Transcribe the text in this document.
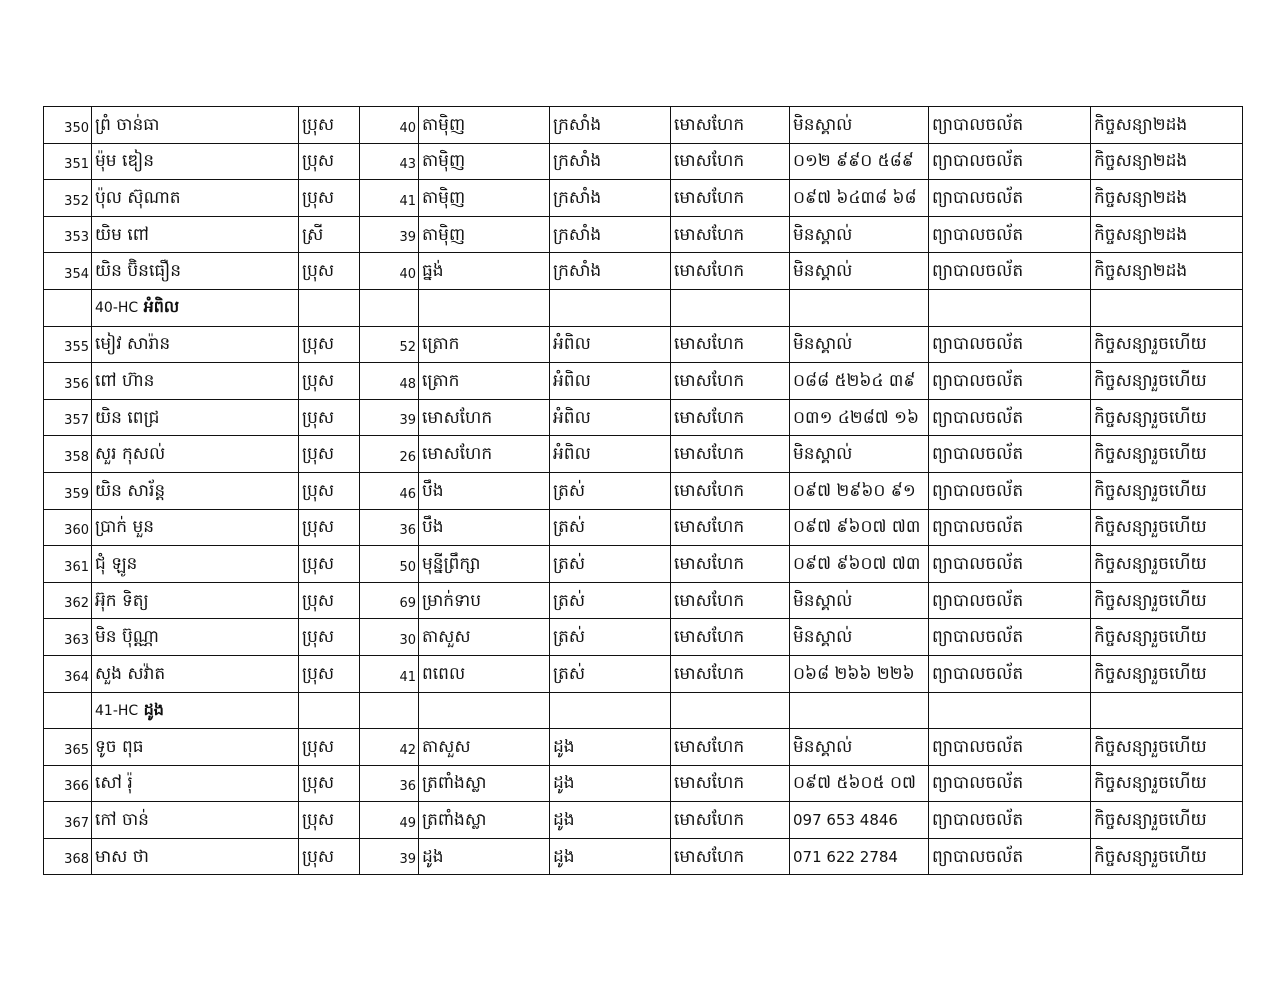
350	ព្រំ ចាន់ធា	ប្រុស	40	តាម៉ិញ	ក្រសាំង	មោសហែក	មិនស្គាល់	ព្យាបាលចល័ត	កិច្ចសន្យា២ដង
351	ម៉ុម ឌៀន	ប្រុស	43	តាម៉ិញ	ក្រសាំង	មោសហែក	០១២ ៩៩០ ៥៨៩	ព្យាបាលចល័ត	កិច្ចសន្យា២ដង
352	ប៉ុល ស៊ុណាត	ប្រុស	41	តាម៉ិញ	ក្រសាំង	មោសហែក	០៩៧ ៦៤៣៨ ៦៨	ព្យាបាលចល័ត	កិច្ចសន្យា២ដង
353	យិម ពៅ	ស្រី	39	តាម៉ិញ	ក្រសាំង	មោសហែក	មិនស្គាល់	ព្យាបាលចល័ត	កិច្ចសន្យា២ដង
354	យិន ប៊ិនធឿន	ប្រុស	40	ធ្នង់	ក្រសាំង	មោសហែក	មិនស្គាល់	ព្យាបាលចល័ត	កិច្ចសន្យា២ដង
	40-HC អំពិល								
355	មៀវ សារ៉ាន	ប្រុស	52	ត្រោក	អំពិល	មោសហែក	មិនស្គាល់	ព្យាបាលចល័ត	កិច្ចសន្យារួចហើយ
356	ពៅ ហ៊ាន	ប្រុស	48	ត្រោក	អំពិល	មោសហែក	០៨៨ ៥២៦៤ ៣៩	ព្យាបាលចល័ត	កិច្ចសន្យារួចហើយ
357	យិន ពេជ្រ	ប្រុស	39	មោសហែក	អំពិល	មោសហែក	០៣១ ៤២៨៧ ១៦	ព្យាបាលចល័ត	កិច្ចសន្យារួចហើយ
358	សួរ កុសល់	ប្រុស	26	មោសហែក	អំពិល	មោសហែក	មិនស្គាល់	ព្យាបាលចល័ត	កិច្ចសន្យារួចហើយ
359	យិន សារ័ន្ត	ប្រុស	46	បឹង	ត្រស់	មោសហែក	០៩៧ ២៩៦០ ៩១	ព្យាបាលចល័ត	កិច្ចសន្យារួចហើយ
360	ប្រាក់ មួន	ប្រុស	36	បឹង	ត្រស់	មោសហែក	០៩៧ ៩៦០៧ ៧៣	ព្យាបាលចល័ត	កិច្ចសន្យារួចហើយ
361	ជុំ ឡូន	ប្រុស	50	មុន្នីព្រឹក្សា	ត្រស់	មោសហែក	០៩៧ ៩៦០៧ ៧៣	ព្យាបាលចល័ត	កិច្ចសន្យារួចហើយ
362	អ៊ុក ទិត្យ	ប្រុស	69	ម្រាក់ទាប	ត្រស់	មោសហែក	មិនស្គាល់	ព្យាបាលចល័ត	កិច្ចសន្យារួចហើយ
363	មិន ប៊ុណ្ណា	ប្រុស	30	តាសួស	ត្រស់	មោសហែក	មិនស្គាល់	ព្យាបាលចល័ត	កិច្ចសន្យារួចហើយ
364	សួង សវ៉ាត	ប្រុស	41	ពពេល	ត្រស់	មោសហែក	០៦៨ ២៦៦ ២២៦	ព្យាបាលចល័ត	កិច្ចសន្យារួចហើយ
	41-HC ដូង								
365	ទូច ពុធ	ប្រុស	42	តាសួស	ដូង	មោសហែក	មិនស្គាល់	ព្យាបាលចល័ត	កិច្ចសន្យារួចហើយ
366	សៅ រ៉ុ	ប្រុស	36	ត្រពាំងស្លា	ដូង	មោសហែក	០៩៧ ៥៦០៥ ០៧	ព្យាបាលចល័ត	កិច្ចសន្យារួចហើយ
367	កៅ ចាន់	ប្រុស	49	ត្រពាំងស្លា	ដូង	មោសហែក	097 653 4846	ព្យាបាលចល័ត	កិច្ចសន្យារួចហើយ
368	មាស ថា	ប្រុស	39	ដូង	ដូង	មោសហែក	071 622 2784	ព្យាបាលចល័ត	កិច្ចសន្យារួចហើយ
